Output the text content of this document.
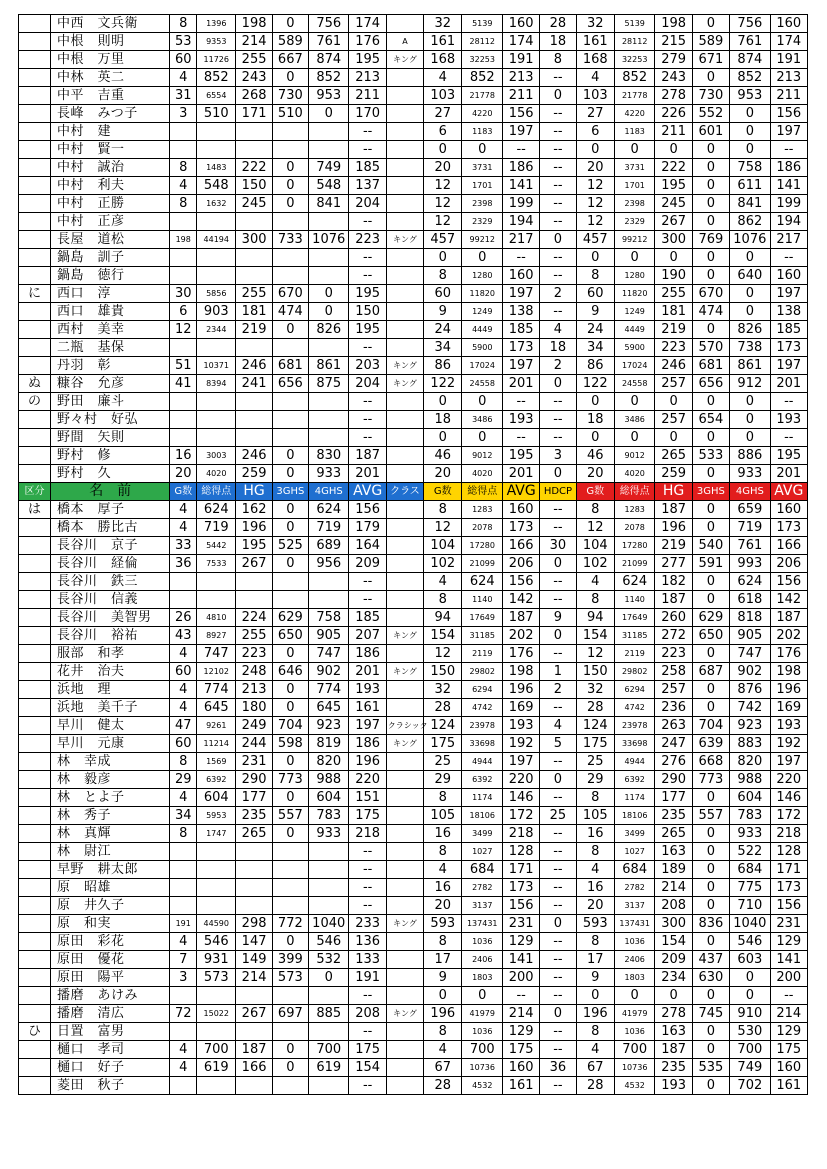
	中西　文兵衛	8	1396	198	0	756	174		32	5139	160	28	32	5139	198	0	756	160
	中根　則明	53	9353	214	589	761	176	A	161	28112	174	18	161	28112	215	589	761	174
	中根　万里	60	11726	255	667	874	195	キング	168	32253	191	8	168	32253	279	671	874	191
	中林　英二	4	852	243	0	852	213		4	852	213	--	4	852	243	0	852	213
	中平　吉重	31	6554	268	730	953	211		103	21778	211	0	103	21778	278	730	953	211
	長峰　みつ子	3	510	171	510	0	170		27	4220	156	--	27	4220	226	552	0	156
	中村　建						--		6	1183	197	--	6	1183	211	601	0	197
	中村　賢一						--		0	0	--	--	0	0	0	0	0	--
	中村　誠治	8	1483	222	0	749	185		20	3731	186	--	20	3731	222	0	758	186
	中村　利夫	4	548	150	0	548	137		12	1701	141	--	12	1701	195	0	611	141
	中村　正勝	8	1632	245	0	841	204		12	2398	199	--	12	2398	245	0	841	199
	中村　正彦						--		12	2329	194	--	12	2329	267	0	862	194
	長屋　道松	198	44194	300	733	1076	223	キング	457	99212	217	0	457	99212	300	769	1076	217
	鍋島　訓子						--		0	0	--	--	0	0	0	0	0	--
	鍋島　徳行						--		8	1280	160	--	8	1280	190	0	640	160
に	西口　淳	30	5856	255	670	0	195		60	11820	197	2	60	11820	255	670	0	197
	西口　雄貴	6	903	181	474	0	150		9	1249	138	--	9	1249	181	474	0	138
	西村　美幸	12	2344	219	0	826	195		24	4449	185	4	24	4449	219	0	826	185
	二瓶　基保						--		34	5900	173	18	34	5900	223	570	738	173
	丹羽　彰	51	10371	246	681	861	203	キング	86	17024	197	2	86	17024	246	681	861	197
ぬ	糠谷　允彦	41	8394	241	656	875	204	キング	122	24558	201	0	122	24558	257	656	912	201
の	野田　廉斗						--		0	0	--	--	0	0	0	0	0	--
	野々村　好弘						--		18	3486	193	--	18	3486	257	654	0	193
	野間　矢則						--		0	0	--	--	0	0	0	0	0	--
	野村　修	16	3003	246	0	830	187		46	9012	195	3	46	9012	265	533	886	195
	野村　久	20	4020	259	0	933	201		20	4020	201	0	20	4020	259	0	933	201
区分	名　前	G数	総得点	HG	3GHS	4GHS	AVG	クラス	G数	総得点	AVG	HDCP	G数	総得点	HG	3GHS	4GHS	AVG
は	橋本　厚子	4	624	162	0	624	156		8	1283	160	--	8	1283	187	0	659	160
	橋本　勝比古	4	719	196	0	719	179		12	2078	173	--	12	2078	196	0	719	173
	長谷川　京子	33	5442	195	525	689	164		104	17280	166	30	104	17280	219	540	761	166
	長谷川　経倫	36	7533	267	0	956	209		102	21099	206	0	102	21099	277	591	993	206
	長谷川　鉄三						--		4	624	156	--	4	624	182	0	624	156
	長谷川　信義						--		8	1140	142	--	8	1140	187	0	618	142
	長谷川　美智男	26	4810	224	629	758	185		94	17649	187	9	94	17649	260	629	818	187
	長谷川　裕祐	43	8927	255	650	905	207	キング	154	31185	202	0	154	31185	272	650	905	202
	服部　和孝	4	747	223	0	747	186		12	2119	176	--	12	2119	223	0	747	176
	花井　治夫	60	12102	248	646	902	201	キング	150	29802	198	1	150	29802	258	687	902	198
	浜地　理	4	774	213	0	774	193		32	6294	196	2	32	6294	257	0	876	196
	浜地　美千子	4	645	180	0	645	161		28	4742	169	--	28	4742	236	0	742	169
	早川　健太	47	9261	249	704	923	197	クラシック	124	23978	193	4	124	23978	263	704	923	193
	早川　元康	60	11214	244	598	819	186	キング	175	33698	192	5	175	33698	247	639	883	192
	林　幸成	8	1569	231	0	820	196		25	4944	197	--	25	4944	276	668	820	197
	林　毅彦	29	6392	290	773	988	220		29	6392	220	0	29	6392	290	773	988	220
	林　とよ子	4	604	177	0	604	151		8	1174	146	--	8	1174	177	0	604	146
	林　秀子	34	5953	235	557	783	175		105	18106	172	25	105	18106	235	557	783	172
	林　真輝	8	1747	265	0	933	218		16	3499	218	--	16	3499	265	0	933	218
	林　尉江						--		8	1027	128	--	8	1027	163	0	522	128
	早野　耕太郎						--		4	684	171	--	4	684	189	0	684	171
	原　昭雄						--		16	2782	173	--	16	2782	214	0	775	173
	原　井久子						--		20	3137	156	--	20	3137	208	0	710	156
	原　和実	191	44590	298	772	1040	233	キング	593	137431	231	0	593	137431	300	836	1040	231
	原田　彩花	4	546	147	0	546	136		8	1036	129	--	8	1036	154	0	546	129
	原田　優花	7	931	149	399	532	133		17	2406	141	--	17	2406	209	437	603	141
	原田　陽平	3	573	214	573	0	191		9	1803	200	--	9	1803	234	630	0	200
	播磨　あけみ						--		0	0	--	--	0	0	0	0	0	--
	播磨　清広	72	15022	267	697	885	208	キング	196	41979	214	0	196	41979	278	745	910	214
ひ	日置　富男						--		8	1036	129	--	8	1036	163	0	530	129
	樋口　孝司	4	700	187	0	700	175		4	700	175	--	4	700	187	0	700	175
	樋口　好子	4	619	166	0	619	154		67	10736	160	36	67	10736	235	535	749	160
	菱田　秋子						--		28	4532	161	--	28	4532	193	0	702	161
